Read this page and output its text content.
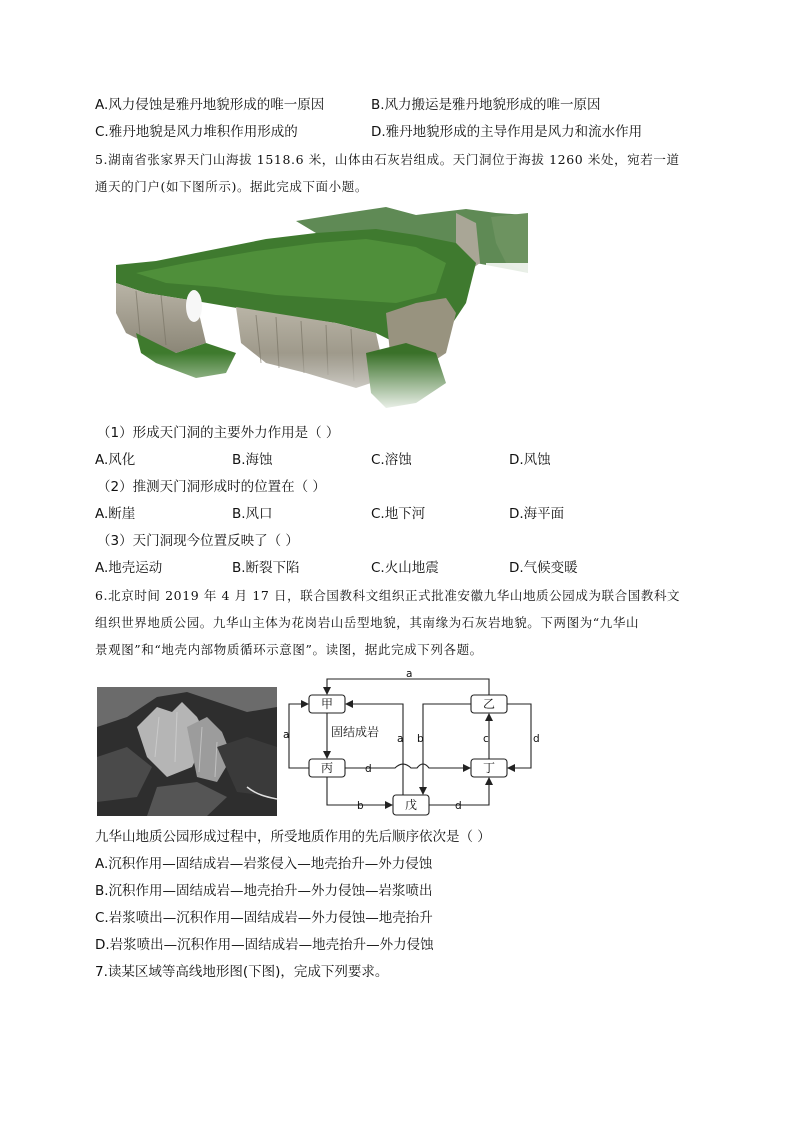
A.风力侵蚀是雅丹地貌形成的唯一原因	B.风力搬运是雅丹地貌形成的唯一原因
C.雅丹地貌是风力堆积作用形成的	D.雅丹地貌形成的主导作用是风力和流水作用
5.湖南省张家界天门山海拔 1518.6 米，山体由石灰岩组成。天门洞位于海拔 1260 米处，宛若一道
通天的门户(如下图所示)。据此完成下面小题。
（1）形成天门洞的主要外力作用是（ ）
A.风化	B.海蚀	C.溶蚀	D.风蚀
（2）推测天门洞形成时的位置在（ ）
A.断崖	B.风口	C.地下河	D.海平面
（3）天门洞现今位置反映了（ ）
A.地壳运动	B.断裂下陷	C.火山地震	D.气候变暖
6.北京时间 2019 年 4 月 17 日，联合国教科文组织正式批准安徽九华山地质公园成为联合国教科文
组织世界地质公园。九华山主体为花岗岩山岳型地貌，其南缘为石灰岩地貌。下两图为“九华山
景观图”和“地壳内部物质循环示意图”。读图，据此完成下列各题。
甲	乙
丙	丁
戊
固结成岩
a
a	a b	c	d
d
b	d
九华山地质公园形成过程中，所受地质作用的先后顺序依次是（ ）
A.沉积作用—固结成岩—岩浆侵入—地壳抬升—外力侵蚀
B.沉积作用—固结成岩—地壳抬升—外力侵蚀—岩浆喷出
C.岩浆喷出—沉积作用—固结成岩—外力侵蚀—地壳抬升
D.岩浆喷出—沉积作用—固结成岩—地壳抬升—外力侵蚀
7.读某区域等高线地形图(下图)，完成下列要求。
